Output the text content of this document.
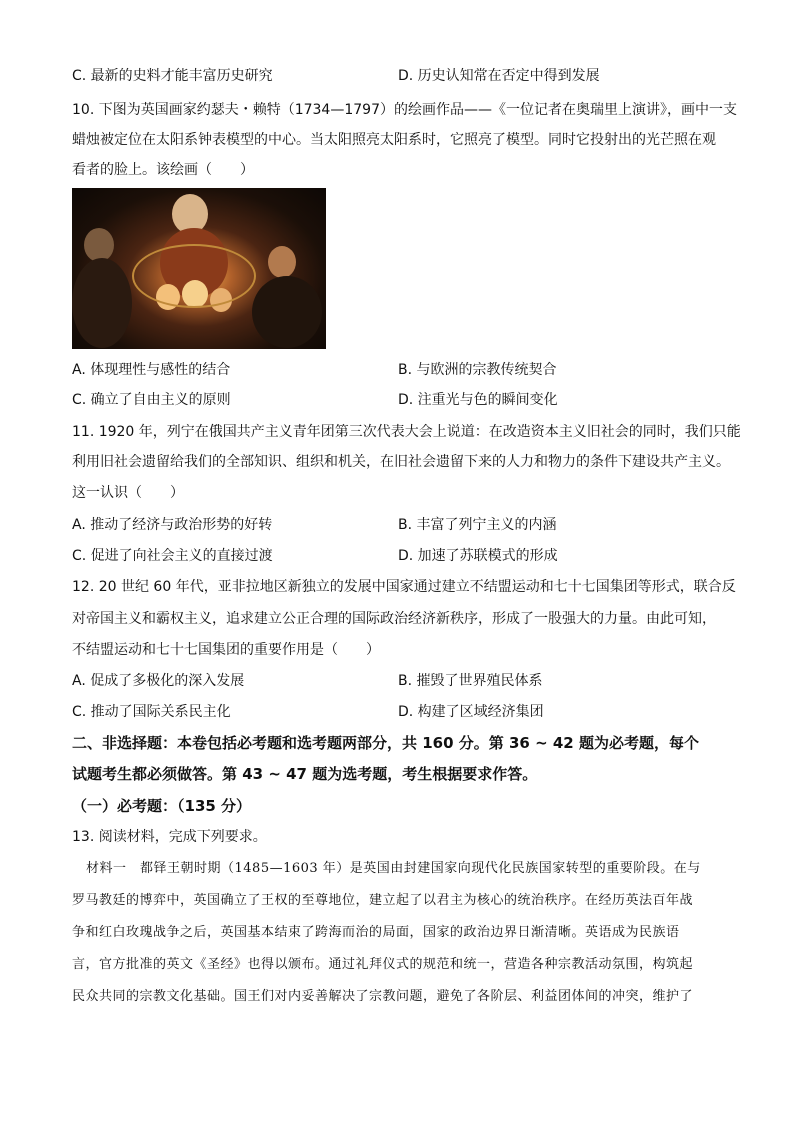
C. 最新的史料才能丰富历史研究	D. 历史认知常在否定中得到发展
10. 下图为英国画家约瑟夫・赖特（1734—1797）的绘画作品——《一位记者在奥瑞里上演讲》，画中一支
蜡烛被定位在太阳系钟表模型的中心。当太阳照亮太阳系时，它照亮了模型。同时它投射出的光芒照在观
看者的脸上。该绘画（　　）
A. 体现理性与感性的结合	B. 与欧洲的宗教传统契合
C. 确立了自由主义的原则	D. 注重光与色的瞬间变化
11. 1920 年，列宁在俄国共产主义青年团第三次代表大会上说道：在改造资本主义旧社会的同时，我们只能
利用旧社会遗留给我们的全部知识、组织和机关，在旧社会遗留下来的人力和物力的条件下建设共产主义。
这一认识（　　）
A. 推动了经济与政治形势的好转	B. 丰富了列宁主义的内涵
C. 促进了向社会主义的直接过渡	D. 加速了苏联模式的形成
12. 20 世纪 60 年代，亚非拉地区新独立的发展中国家通过建立不结盟运动和七十七国集团等形式，联合反
对帝国主义和霸权主义，追求建立公正合理的国际政治经济新秩序，形成了一股强大的力量。由此可知，
不结盟运动和七十七国集团的重要作用是（　　）
A. 促成了多极化的深入发展	B. 摧毁了世界殖民体系
C. 推动了国际关系民主化	D. 构建了区域经济集团
二、非选择题：本卷包括必考题和选考题两部分，共 160 分。第 36 ~ 42 题为必考题，每个
试题考生都必须做答。第 43 ~ 47 题为选考题，考生根据要求作答。
（一）必考题：（135 分）
13. 阅读材料，完成下列要求。
材料一　都铎王朝时期（1485—1603 年）是英国由封建国家向现代化民族国家转型的重要阶段。在与
罗马教廷的博弈中，英国确立了王权的至尊地位，建立起了以君主为核心的统治秩序。在经历英法百年战
争和红白玫瑰战争之后，英国基本结束了跨海而治的局面，国家的政治边界日渐清晰。英语成为民族语
言，官方批准的英文《圣经》也得以颁布。通过礼拜仪式的规范和统一，营造各种宗教活动氛围，构筑起
民众共同的宗教文化基础。国王们对内妥善解决了宗教问题，避免了各阶层、利益团体间的冲突，维护了
